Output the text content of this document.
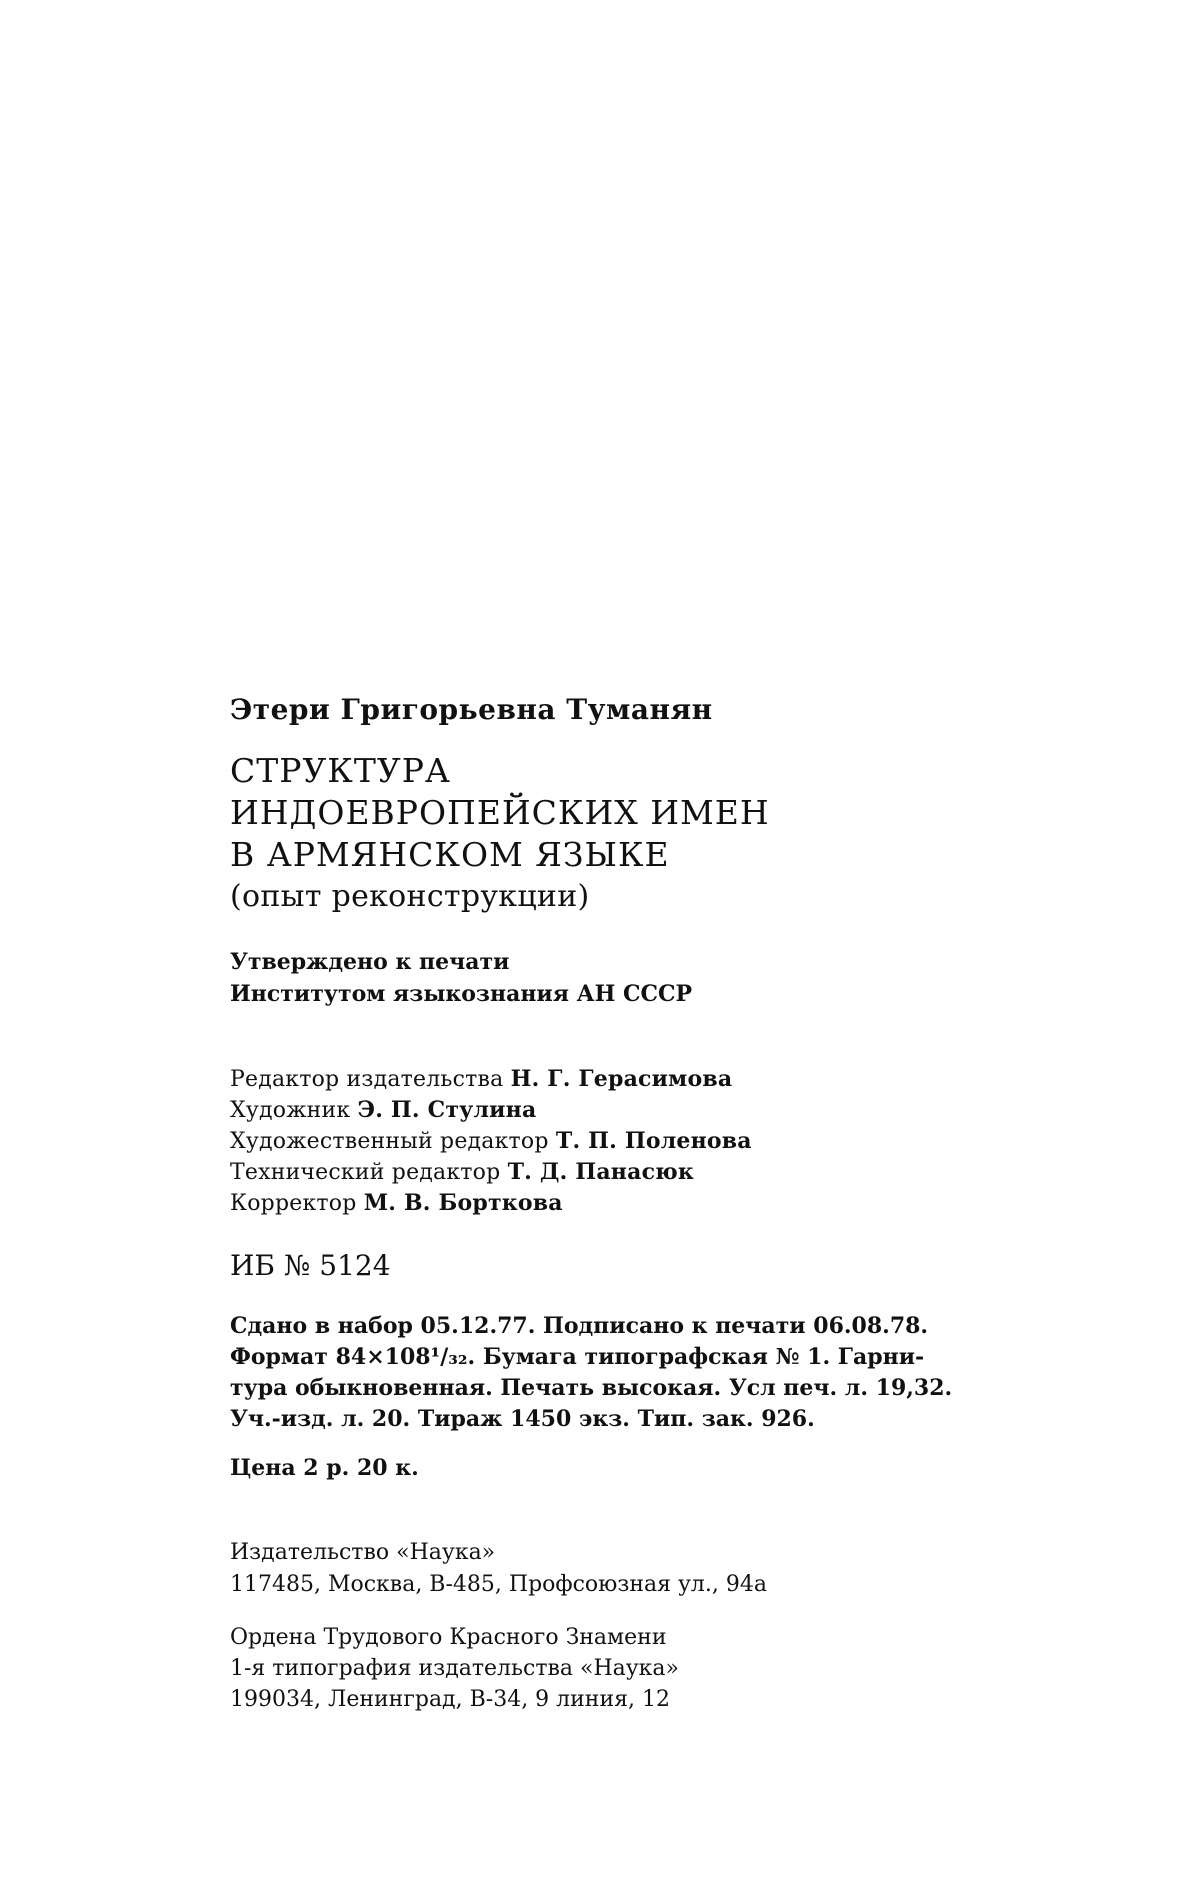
Этери Григорьевна Туманян
СТРУКТУРА
ИНДОЕВРОПЕЙСКИХ ИМЕН
В АРМЯНСКОМ ЯЗЫКЕ
(опыт реконструкции)
Утверждено к печати
Институтом языкознания АН СССР
Редактор издательства Н. Г. Герасимова
Художник Э. П. Стулина
Художественный редактор Т. П. Поленова
Технический редактор Т. Д. Панасюк
Корректор М. В. Борткова
ИБ № 5124
Сдано в набор 05.12.77. Подписано к печати 06.08.78.
Формат 84×108¹/₃₂. Бумага типографская № 1. Гарни-
тура обыкновенная. Печать высокая. Усл печ. л. 19,32.
Уч.-изд. л. 20. Тираж 1450 экз. Тип. зак. 926.
Цена 2 р. 20 к.
Издательство «Наука»
117485, Москва, В-485, Профсоюзная ул., 94а
Ордена Трудового Красного Знамени
1-я типография издательства «Наука»
199034, Ленинград, В-34, 9 линия, 12
